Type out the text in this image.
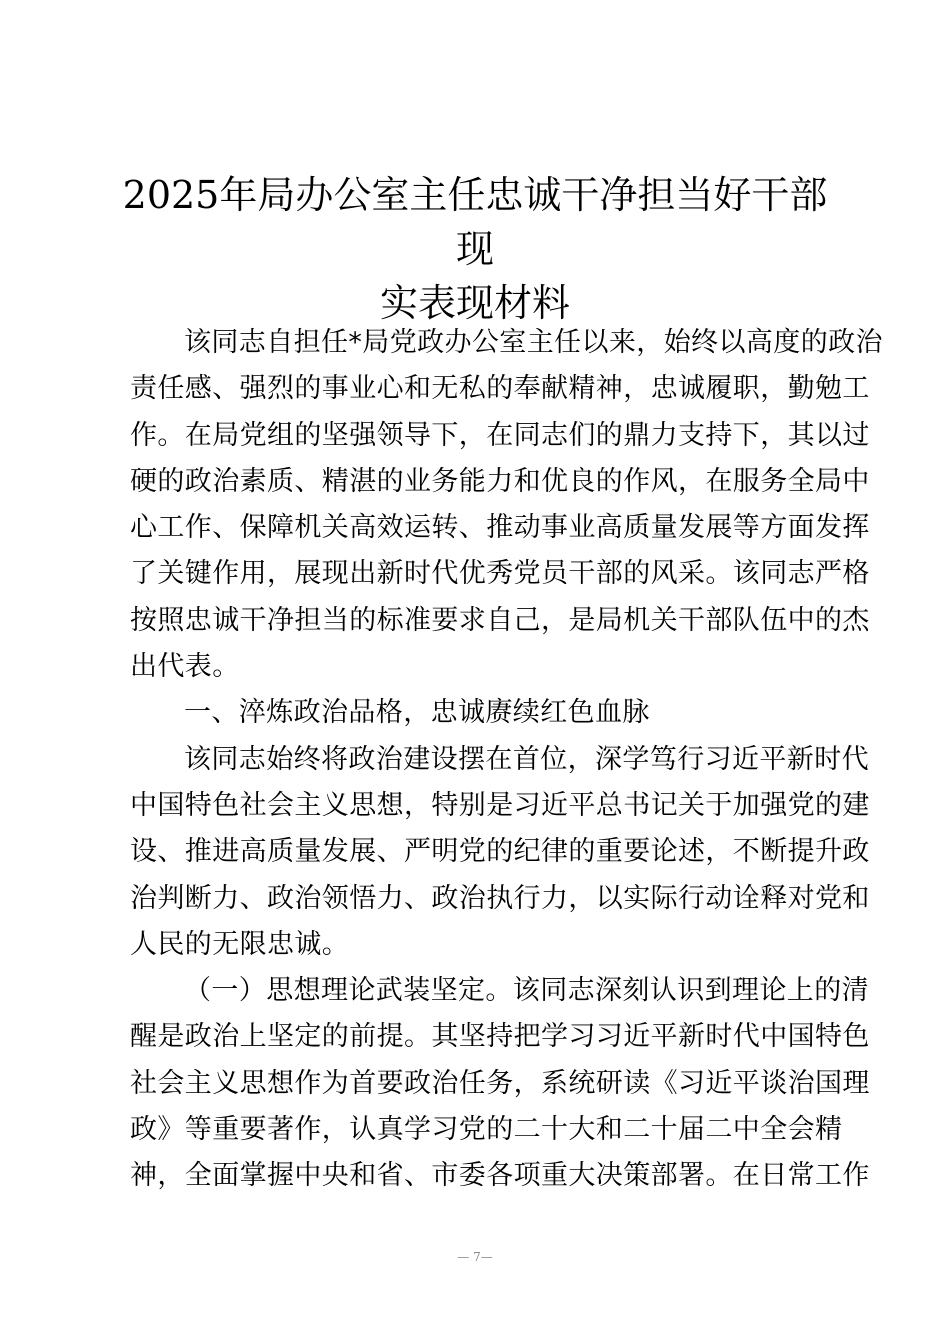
2025年局办公室主任忠诚干净担当好干部现
实表现材料
该同志自担任*局党政办公室主任以来，始终以高度的政治
责任感、强烈的事业心和无私的奉献精神，忠诚履职，勤勉工
作。在局党组的坚强领导下，在同志们的鼎力支持下，其以过
硬的政治素质、精湛的业务能力和优良的作风，在服务全局中
心工作、保障机关高效运转、推动事业高质量发展等方面发挥
了关键作用，展现出新时代优秀党员干部的风采。该同志严格
按照忠诚干净担当的标准要求自己，是局机关干部队伍中的杰
出代表。
一、淬炼政治品格，忠诚赓续红色血脉
该同志始终将政治建设摆在首位，深学笃行习近平新时代
中国特色社会主义思想，特别是习近平总书记关于加强党的建
设、推进高质量发展、严明党的纪律的重要论述，不断提升政
治判断力、政治领悟力、政治执行力，以实际行动诠释对党和
人民的无限忠诚。
（一）思想理论武装坚定。该同志深刻认识到理论上的清
醒是政治上坚定的前提。其坚持把学习习近平新时代中国特色
社会主义思想作为首要政治任务，系统研读《习近平谈治国理
政》等重要著作，认真学习党的二十大和二十届二中全会精
神，全面掌握中央和省、市委各项重大决策部署。在日常工作
— 7—
